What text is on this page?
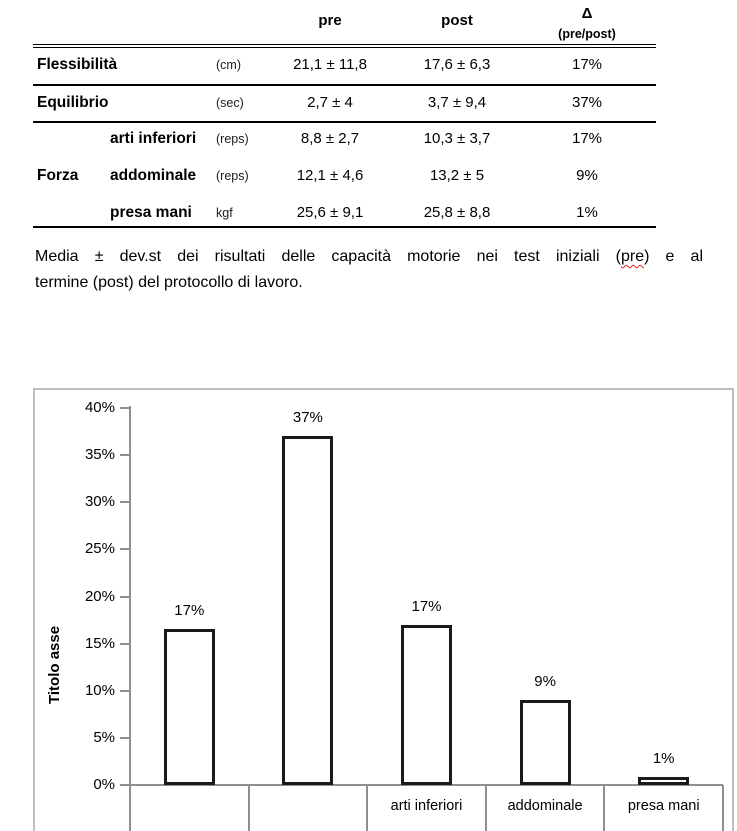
pre	post	Δ
(pre/post)
Flessibilità	(cm)	21,1 ± 11,8	17,6 ± 6,3	17%
Equilibrio	(sec)	2,7 ± 4	3,7 ± 9,4	37%
Forza
arti inferiori (reps)	8,8 ± 2,7	10,3 ± 3,7	17%
addominale (reps)	12,1 ± 4,6	13,2 ± 5	9%
presa mani kgf	25,6 ± 9,1	25,8 ± 8,8	1%
Media ± dev.st dei risultati delle capacità motorie nei test iniziali (pre) e al
termine (post) del protocollo di lavoro.
Titolo asse
0%
5%
10%
15%
20%
25%
30%
35%
40%
17%
37%
arti inferiori
17%
addominale
9%
presa mani
1%
